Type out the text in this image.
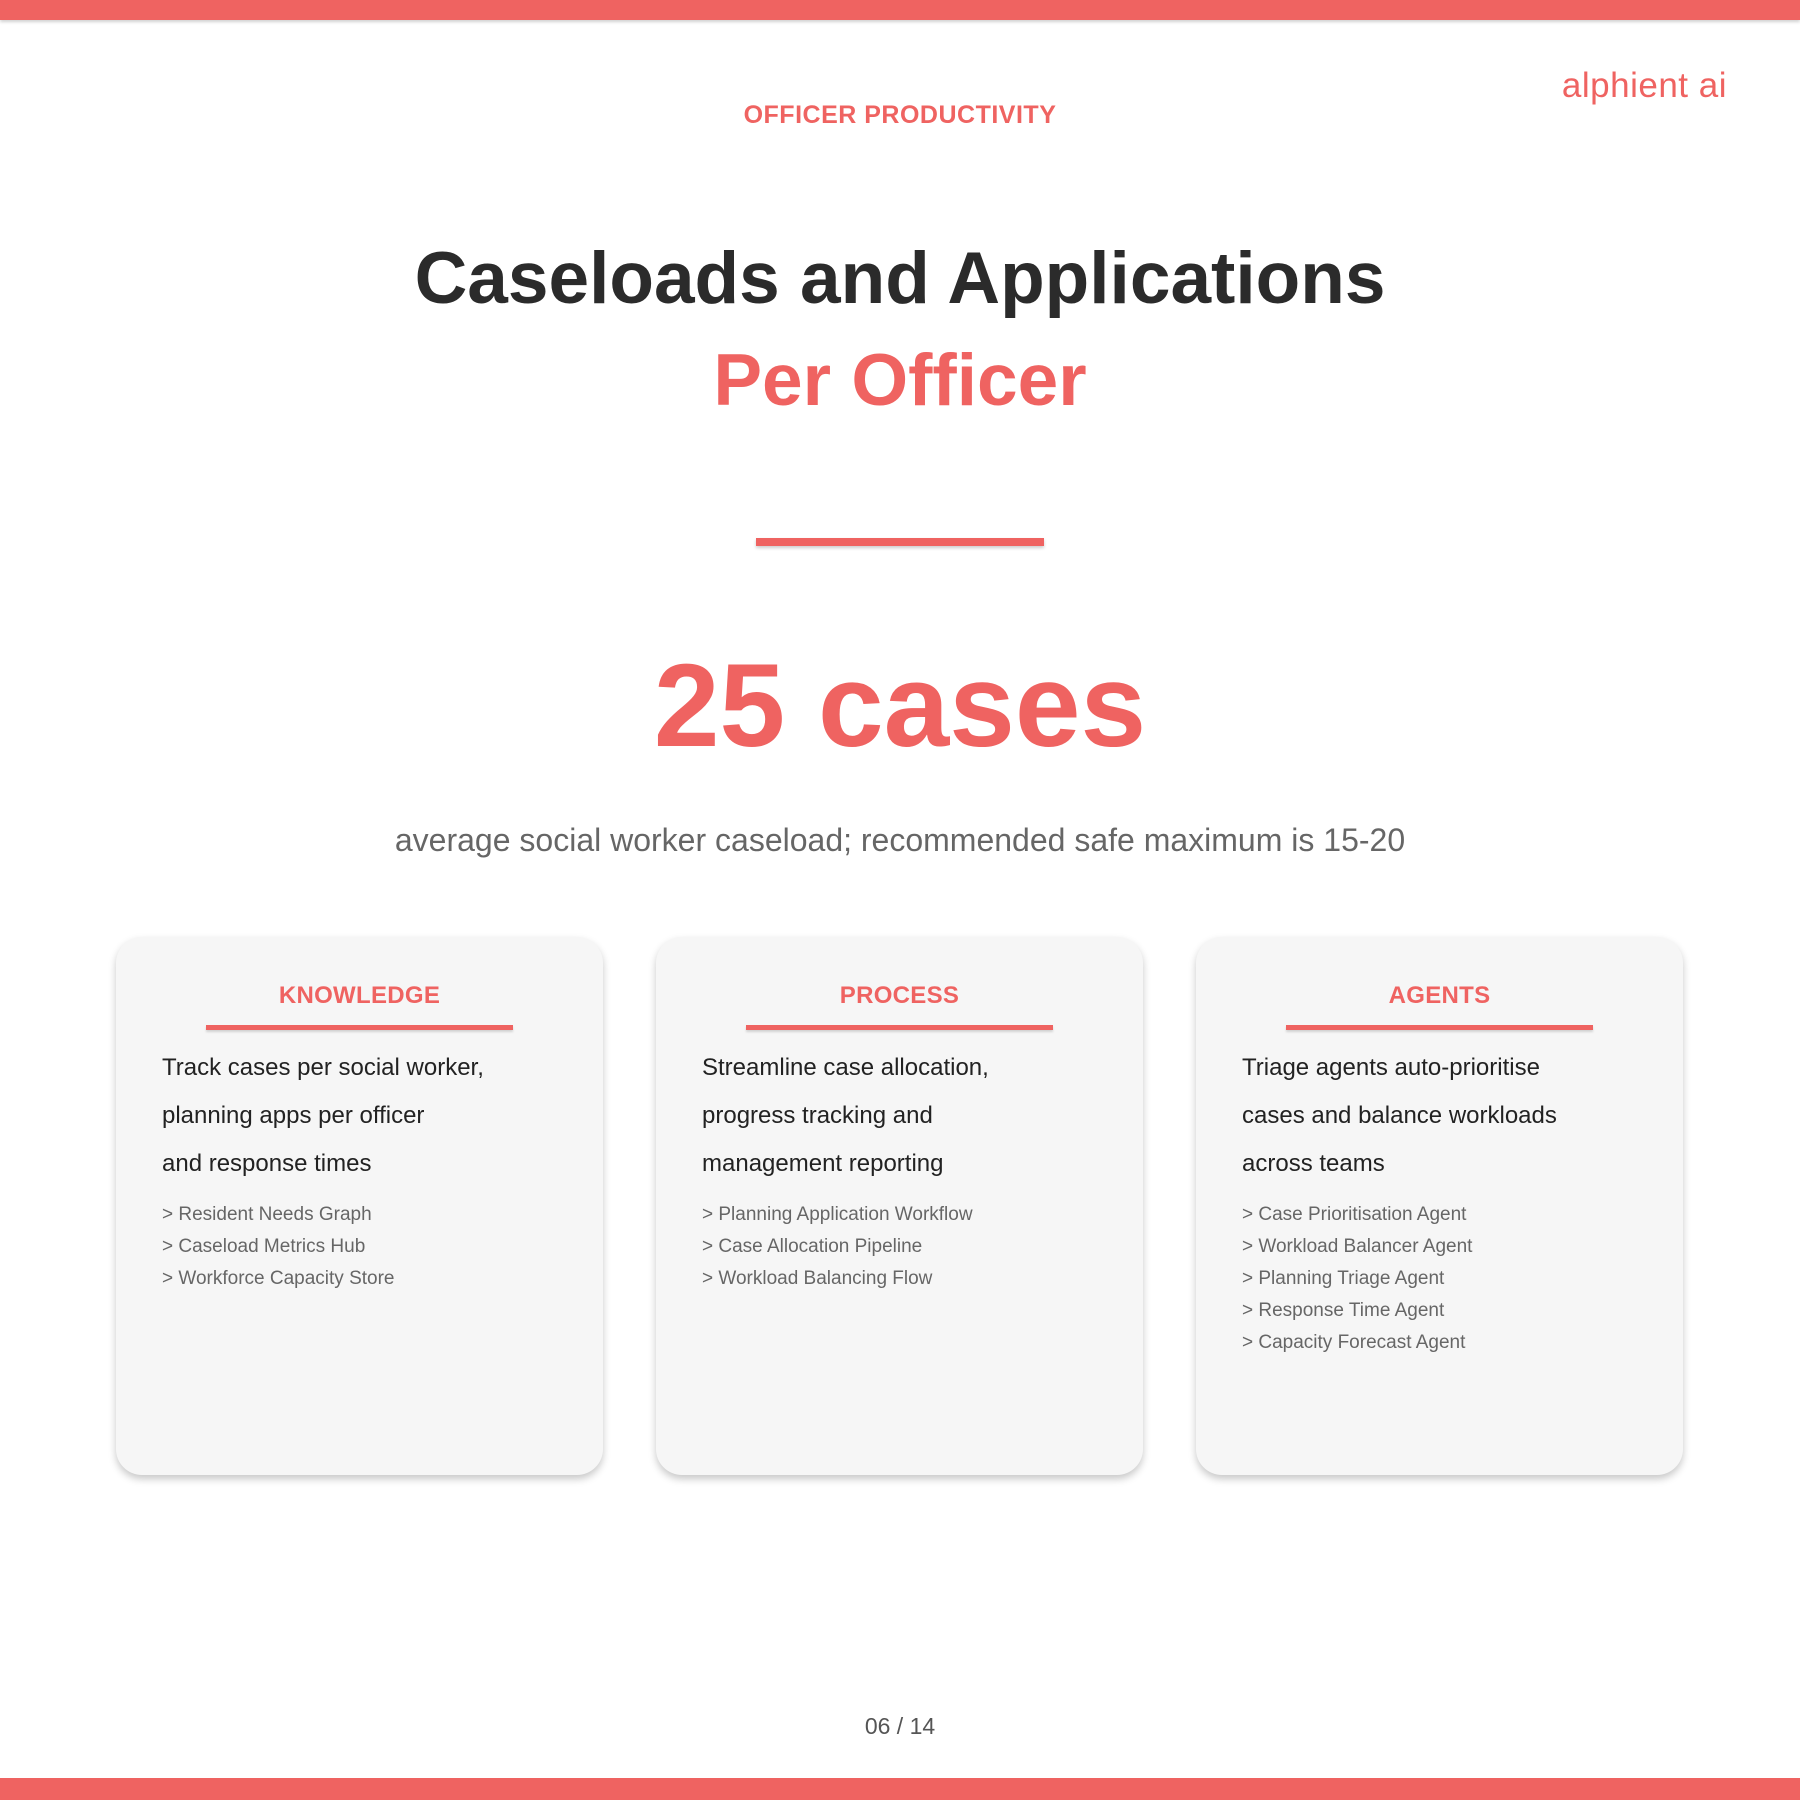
alphient ai
OFFICER PRODUCTIVITY
Caseloads and Applications
Per Officer
25 cases
average social worker caseload; recommended safe maximum is 15-20
KNOWLEDGE
Track cases per social worker,
planning apps per officer
and response times
> Resident Needs Graph
> Caseload Metrics Hub
> Workforce Capacity Store
PROCESS
Streamline case allocation,
progress tracking and
management reporting
> Planning Application Workflow
> Case Allocation Pipeline
> Workload Balancing Flow
AGENTS
Triage agents auto-prioritise
cases and balance workloads
across teams
> Case Prioritisation Agent
> Workload Balancer Agent
> Planning Triage Agent
> Response Time Agent
> Capacity Forecast Agent
06 / 14
